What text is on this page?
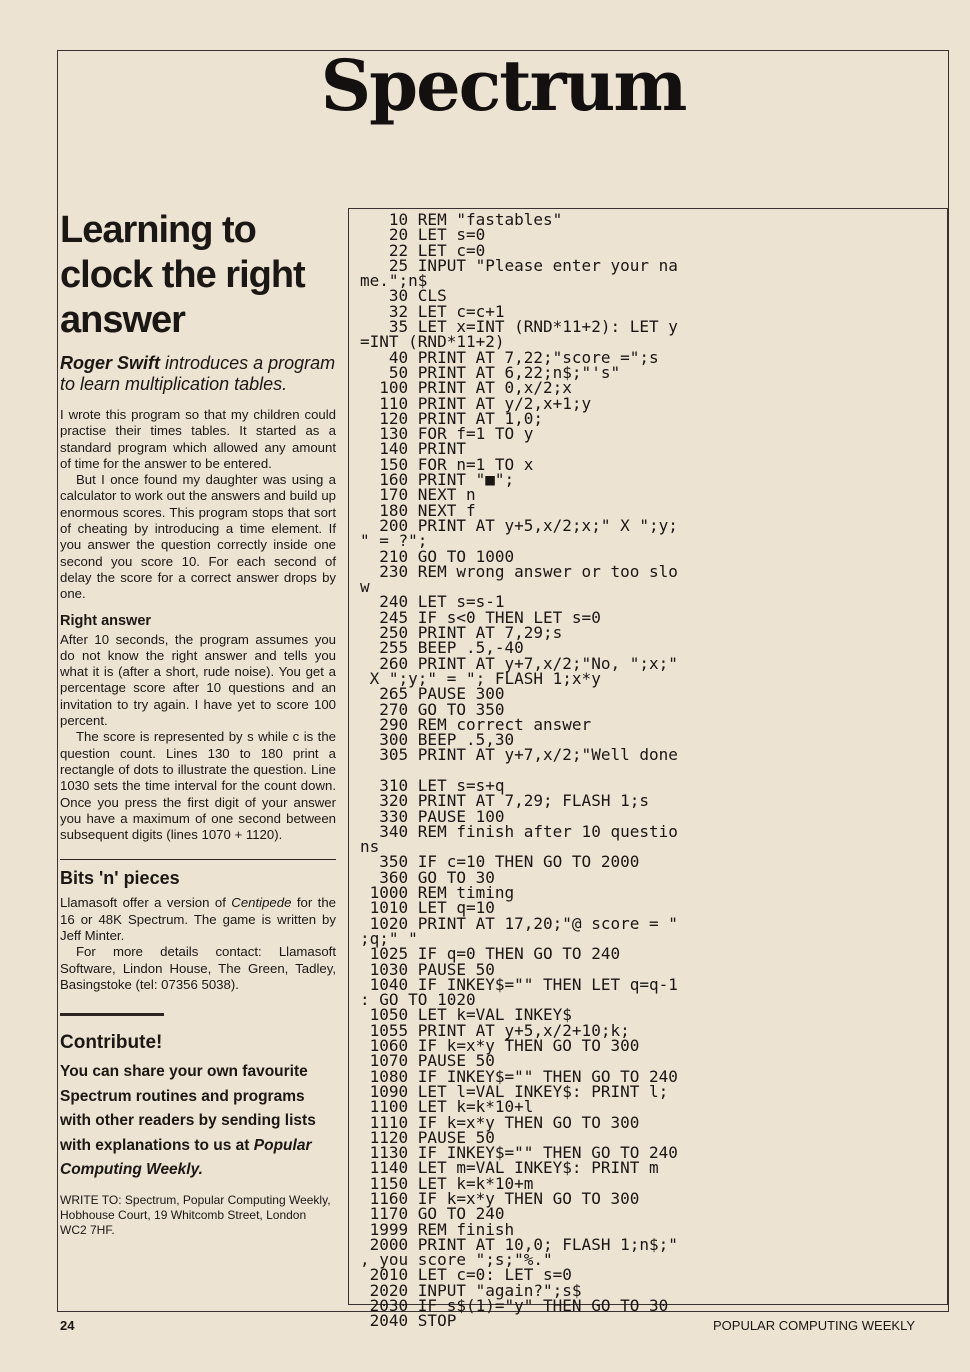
Spectrum
Learning to clock the right answer

Roger Swift introduces a program to learn multiplication tables.

I wrote this program so that my children could practise their times tables. It started as a standard program which allowed any amount of time for the answer to be entered.

But I once found my daughter was using a calculator to work out the answers and build up enormous scores. This program stops that sort of cheating by introducing a time element. If you answer the question correctly inside one second you score 10. For each second of delay the score for a correct answer drops by one.

Right answer

After 10 seconds, the program assumes you do not know the right answer and tells you what it is (after a short, rude noise). You get a percentage score after 10 questions and an invitation to try again. I have yet to score 100 percent.

The score is represented by s while c is the question count. Lines 130 to 180 print a rectangle of dots to illustrate the question. Line 1030 sets the time interval for the count down. Once you press the first digit of your answer you have a maximum of one second between subsequent digits (lines 1070 + 1120).

Bits 'n' pieces

Llamasoft offer a version of Centipede for the 16 or 48K Spectrum. The game is written by Jeff Minter.

For more details contact: Llamasoft Software, Lindon House, The Green, Tadley, Basingstoke (tel: 07356 5038).

Contribute!

You can share your own favourite Spectrum routines and programs with other readers by sending lists with explanations to us at Popular Computing Weekly.

WRITE TO: Spectrum, Popular Computing Weekly, Hobhouse Court, 19 Whitcomb Street, London WC2 7HF.

10 REM "fastables"
20 LET s=0
22 LET c=0
25 INPUT "Please enter your na
me.";n$
30 CLS
32 LET c=c+1
35 LET x=INT (RND*11+2): LET y
=INT (RND*11+2)
40 PRINT AT 7,22;"score =";s
50 PRINT AT 6,22;n$;"'s"
100 PRINT AT 0,x/2;x
110 PRINT AT y/2,x+1;y
120 PRINT AT 1,0;
130 FOR f=1 TO y
140 PRINT
150 FOR n=1 TO x
160 PRINT "■";
170 NEXT n
180 NEXT f
200 PRINT AT y+5,x/2;x;" X ";y;
" = ?";
210 GO TO 1000
230 REM wrong answer or too slo
w
240 LET s=s-1
245 IF s<0 THEN LET s=0
250 PRINT AT 7,29;s
255 BEEP .5,-40
260 PRINT AT y+7,x/2;"No, ";x;"
X ";y;" = "; FLASH 1;x*y
265 PAUSE 300
270 GO TO 350
290 REM correct answer
300 BEEP .5,30
305 PRINT AT y+7,x/2;"Well done

310 LET s=s+q
320 PRINT AT 7,29; FLASH 1;s
330 PAUSE 100
340 REM finish after 10 questio
ns
350 IF c=10 THEN GO TO 2000
360 GO TO 30
1000 REM timing
1010 LET q=10
1020 PRINT AT 17,20;"@ score = "
;q;" "
1025 IF q=0 THEN GO TO 240
1030 PAUSE 50
1040 IF INKEY$="" THEN LET q=q-1
: GO TO 1020
1050 LET k=VAL INKEY$
1055 PRINT AT y+5,x/2+10;k;
1060 IF k=x*y THEN GO TO 300
1070 PAUSE 50
1080 IF INKEY$="" THEN GO TO 240
1090 LET l=VAL INKEY$: PRINT l;
1100 LET k=k*10+l
1110 IF k=x*y THEN GO TO 300
1120 PAUSE 50
1130 IF INKEY$="" THEN GO TO 240
1140 LET m=VAL INKEY$: PRINT m
1150 LET k=k*10+m
1160 IF k=x*y THEN GO TO 300
1170 GO TO 240
1999 REM finish
2000 PRINT AT 10,0; FLASH 1;n$;"
, you score ";s;"%."
2010 LET c=0: LET s=0
2020 INPUT "again?";s$
2030 IF s$(1)="y" THEN GO TO 30
2040 STOP
24	POPULAR COMPUTING WEEKLY
